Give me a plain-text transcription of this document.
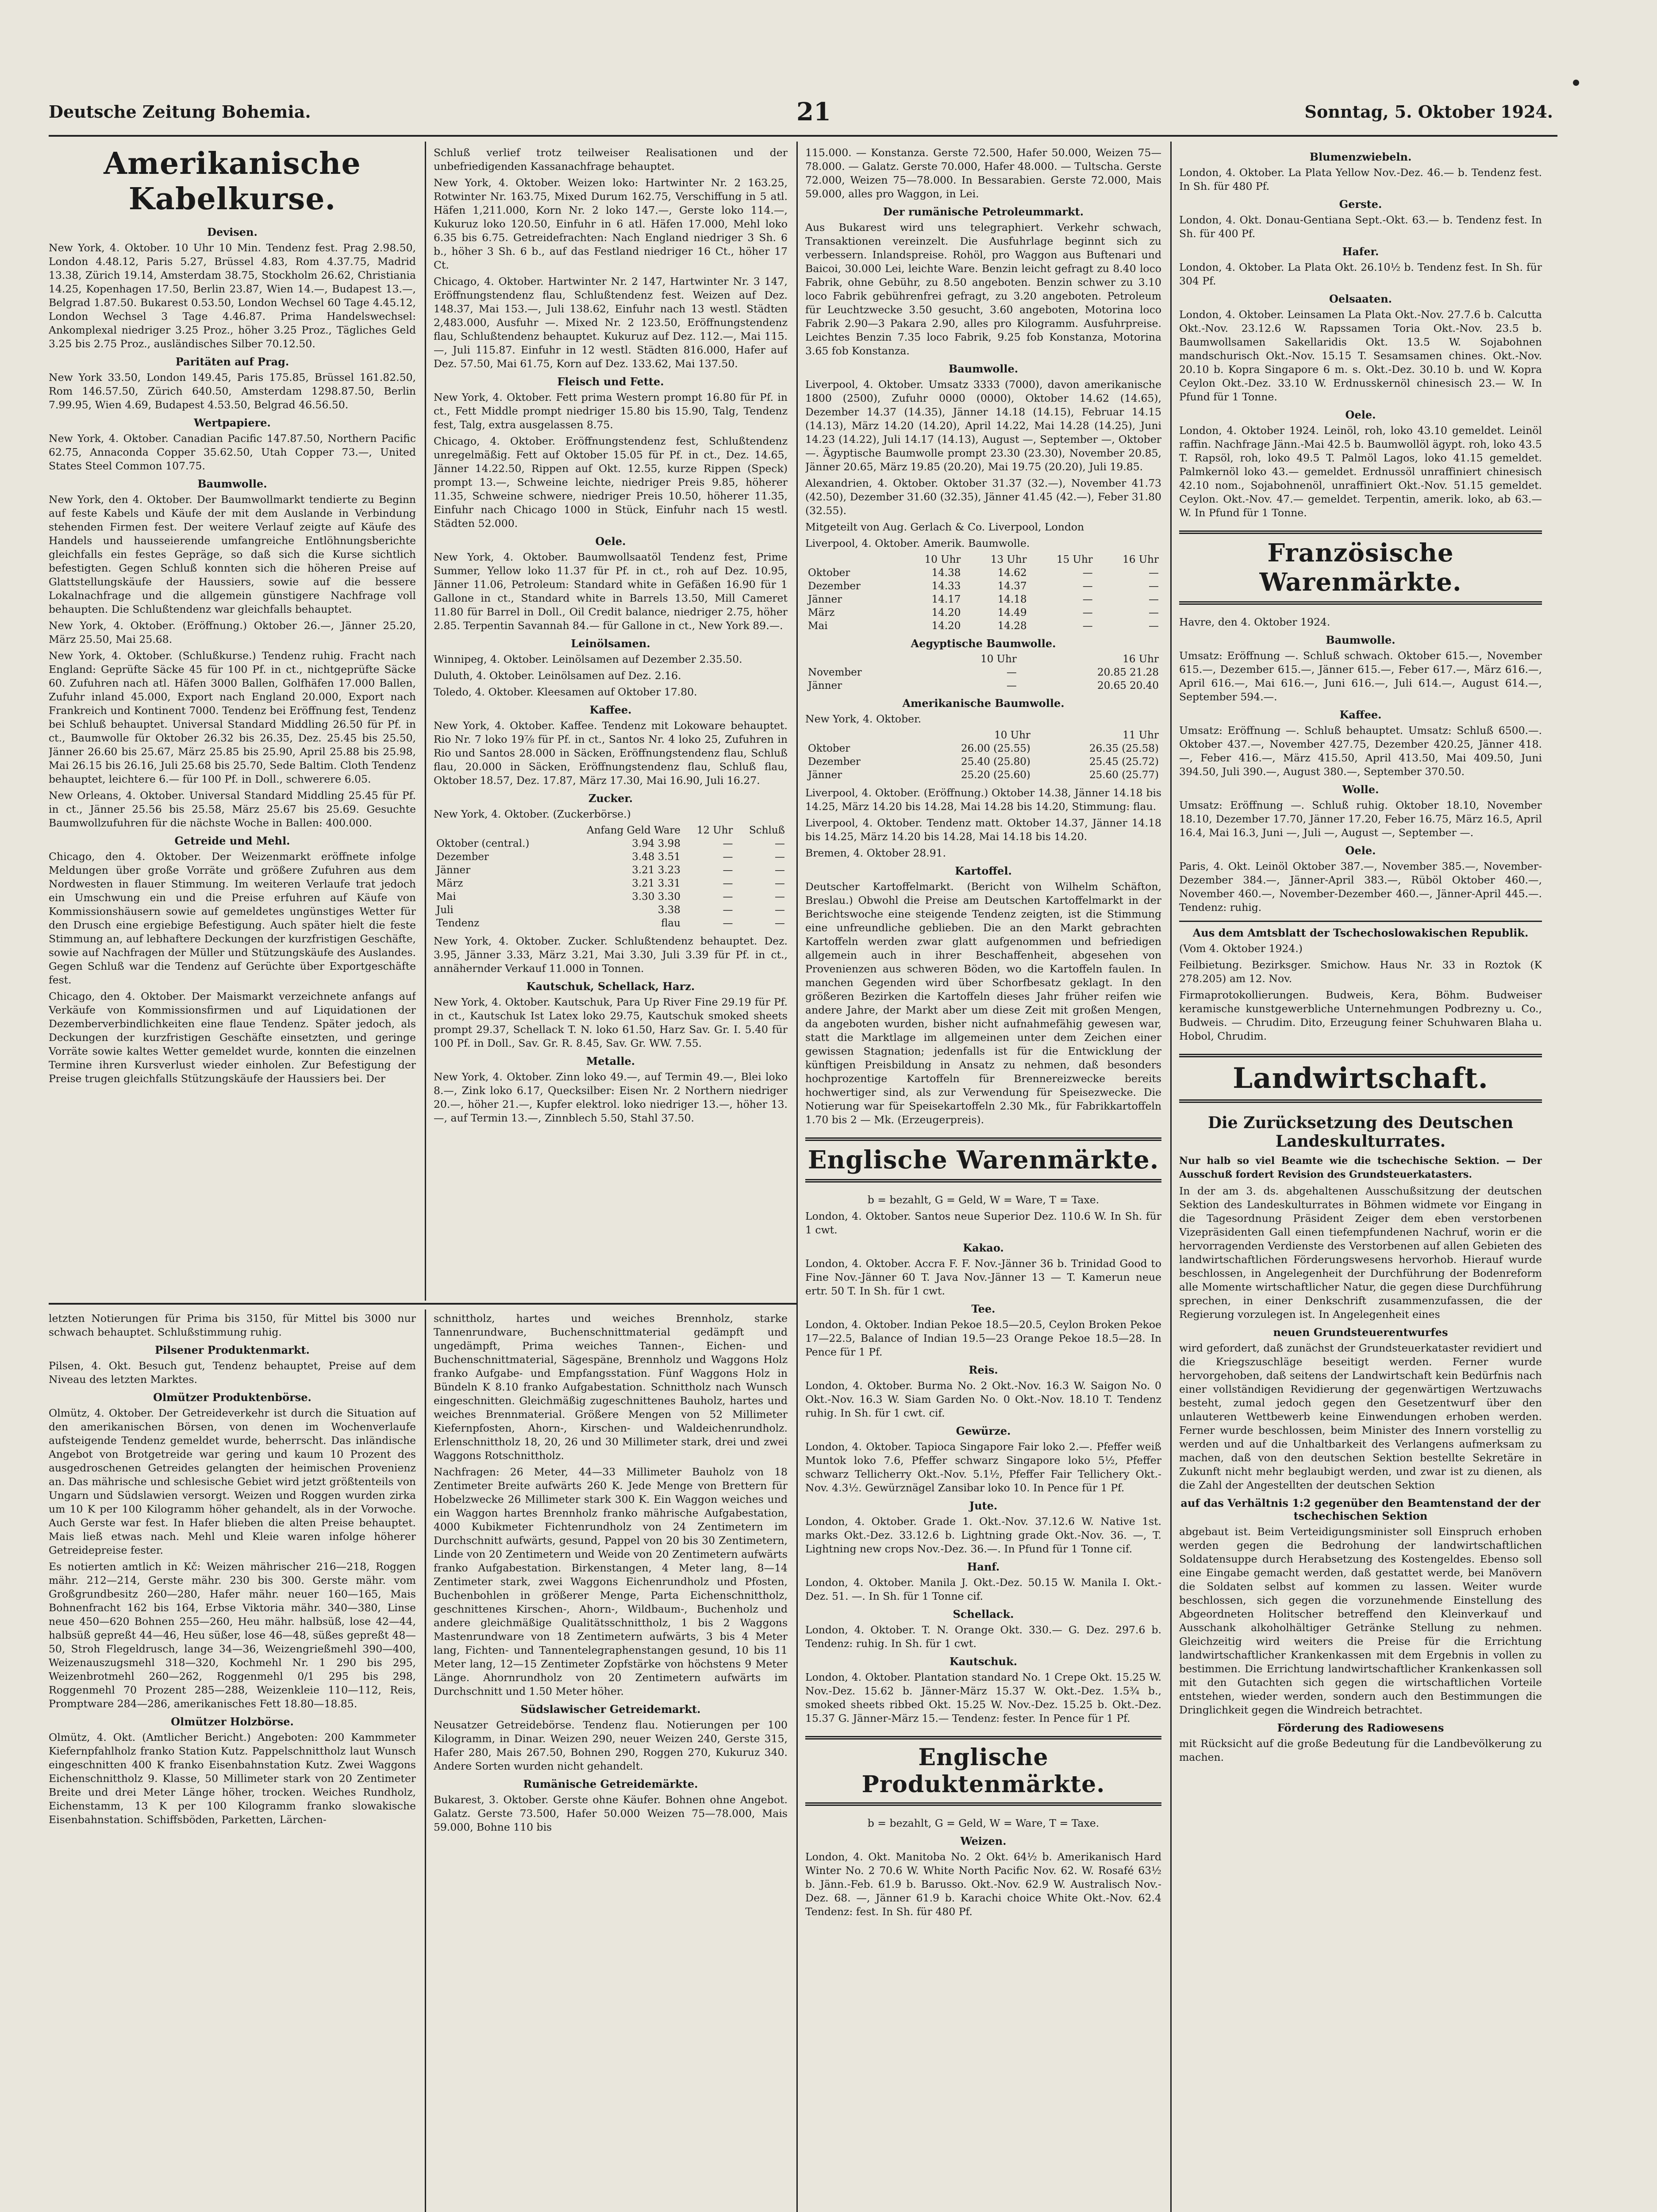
Deutsche Zeitung Bohemia.	21	Sonntag, 5. Oktober 1924.
Amerikanische Kabelkurse.
Devisen.

New York, 4. Oktober. 10 Uhr 10 Min. Tendenz fest. Prag 2.98.50, London 4.48.12, Paris 5.27, Brüssel 4.83, Rom 4.37.75, Madrid 13.38, Zürich 19.14, Amsterdam 38.75, Stockholm 26.62, Christiania 14.25, Kopenhagen 17.50, Berlin 23.87, Wien 14.—, Budapest 13.—, Belgrad 1.87.50. Bukarest 0.53.50, London Wechsel 60 Tage 4.45.12, London Wechsel 3 Tage 4.46.87. Prima Handelswechsel: Ankomplexal niedriger 3.25 Proz., höher 3.25 Proz., Tägliches Geld 3.25 bis 2.75 Proz., ausländisches Silber 70.12.50.

Paritäten auf Prag.

New York 33.50, London 149.45, Paris 175.85, Brüssel 161.82.50, Rom 146.57.50, Zürich 640.50, Amsterdam 1298.87.50, Berlin 7.99.95, Wien 4.69, Budapest 4.53.50, Belgrad 46.56.50.

Wertpapiere.

New York, 4. Oktober. Canadian Pacific 147.87.50, Northern Pacific 62.75, Annaconda Copper 35.62.50, Utah Copper 73.—, United States Steel Common 107.75.

Baumwolle.

New York, den 4. Oktober. Der Baumwollmarkt tendierte zu Beginn auf feste Kabels und Käufe der mit dem Auslande in Verbindung stehenden Firmen fest. Der weitere Verlauf zeigte auf Käufe des Handels und hausseierende umfangreiche Entlöhnungsberichte gleichfalls ein festes Gepräge, so daß sich die Kurse sichtlich befestigten. Gegen Schluß konnten sich die höheren Preise auf Glattstellungskäufe der Haussiers, sowie auf die bessere Lokalnachfrage und die allgemein günstigere Nachfrage voll behaupten. Die Schlußtendenz war gleichfalls behauptet.

New York, 4. Oktober. (Eröffnung.) Oktober 26.—, Jänner 25.20, März 25.50, Mai 25.68.

New York, 4. Oktober. (Schlußkurse.) Tendenz ruhig. Fracht nach England: Geprüfte Säcke 45 für 100 Pf. in ct., nichtgeprüfte Säcke 60. Zufuhren nach atl. Häfen 3000 Ballen, Golfhäfen 17.000 Ballen, Zufuhr inland 45.000, Export nach England 20.000, Export nach Frankreich und Kontinent 7000. Tendenz bei Eröffnung fest, Tendenz bei Schluß behauptet. Universal Standard Middling 26.50 für Pf. in ct., Baumwolle für Oktober 26.32 bis 26.35, Dez. 25.45 bis 25.50, Jänner 26.60 bis 25.67, März 25.85 bis 25.90, April 25.88 bis 25.98, Mai 26.15 bis 26.16, Juli 25.68 bis 25.70, Sede Baltim. Cloth Tendenz behauptet, leichtere 6.— für 100 Pf. in Doll., schwerere 6.05.

New Orleans, 4. Oktober. Universal Standard Middling 25.45 für Pf. in ct., Jänner 25.56 bis 25.58, März 25.67 bis 25.69. Gesuchte Baumwollzufuhren für die nächste Woche in Ballen: 400.000.

Getreide und Mehl.

Chicago, den 4. Oktober. Der Weizenmarkt eröffnete infolge Meldungen über große Vorräte und größere Zufuhren aus dem Nordwesten in flauer Stimmung. Im weiteren Verlaufe trat jedoch ein Umschwung ein und die Preise erfuhren auf Käufe von Kommissionshäusern sowie auf gemeldetes ungünstiges Wetter für den Drusch eine ergiebige Befestigung. Auch später hielt die feste Stimmung an, auf lebhaftere Deckungen der kurzfristigen Geschäfte, sowie auf Nachfragen der Müller und Stützungskäufe des Auslandes. Gegen Schluß war die Tendenz auf Gerüchte über Exportgeschäfte fest.

Chicago, den 4. Oktober. Der Maismarkt verzeichnete anfangs auf Verkäufe von Kommissionsfirmen und auf Liquidationen der Dezemberverbindlichkeiten eine flaue Tendenz. Später jedoch, als Deckungen der kurzfristigen Geschäfte einsetzten, und geringe Vorräte sowie kaltes Wetter gemeldet wurde, konnten die einzelnen Termine ihren Kursverlust wieder einholen. Zur Befestigung der Preise trugen gleichfalls Stützungskäufe der Haussiers bei. Der

Schluß verlief trotz teilweiser Realisationen und der unbefriedigenden Kassanachfrage behauptet.

New York, 4. Oktober. Weizen loko: Hartwinter Nr. 2 163.25, Rotwinter Nr. 163.75, Mixed Durum 162.75, Verschiffung in 5 atl. Häfen 1,211.000, Korn Nr. 2 loko 147.—, Gerste loko 114.—, Kukuruz loko 120.50, Einfuhr in 6 atl. Häfen 17.000, Mehl loko 6.35 bis 6.75. Getreidefrachten: Nach England niedriger 3 Sh. 6 b., höher 3 Sh. 6 b., auf das Festland niedriger 16 Ct., höher 17 Ct.

Chicago, 4. Oktober. Hartwinter Nr. 2 147, Hartwinter Nr. 3 147, Eröffnungstendenz flau, Schlußtendenz fest. Weizen auf Dez. 148.37, Mai 153.—, Juli 138.62, Einfuhr nach 13 westl. Städten 2,483.000, Ausfuhr —. Mixed Nr. 2 123.50, Eröffnungstendenz flau, Schlußtendenz behauptet. Kukuruz auf Dez. 112.—, Mai 115.—, Juli 115.87. Einfuhr in 12 westl. Städten 816.000, Hafer auf Dez. 57.50, Mai 61.75, Korn auf Dez. 133.62, Mai 137.50.

Fleisch und Fette.

New York, 4. Oktober. Fett prima Western prompt 16.80 für Pf. in ct., Fett Middle prompt niedriger 15.80 bis 15.90, Talg, Tendenz fest, Talg, extra ausgelassen 8.75.

Chicago, 4. Oktober. Eröffnungstendenz fest, Schlußtendenz unregelmäßig. Fett auf Oktober 15.05 für Pf. in ct., Dez. 14.65, Jänner 14.22.50, Rippen auf Okt. 12.55, kurze Rippen (Speck) prompt 13.—, Schweine leichte, niedriger Preis 9.85, höherer 11.35, Schweine schwere, niedriger Preis 10.50, höherer 11.35, Einfuhr nach Chicago 1000 in Stück, Einfuhr nach 15 westl. Städten 52.000.

Oele.

New York, 4. Oktober. Baumwollsaatöl Tendenz fest, Prime Summer, Yellow loko 11.37 für Pf. in ct., roh auf Dez. 10.95, Jänner 11.06, Petroleum: Standard white in Gefäßen 16.90 für 1 Gallone in ct., Standard white in Barrels 13.50, Mill Cameret 11.80 für Barrel in Doll., Oil Credit balance, niedriger 2.75, höher 2.85. Terpentin Savannah 84.— für Gallone in ct., New York 89.—.

Leinölsamen.

Winnipeg, 4. Oktober. Leinölsamen auf Dezember 2.35.50.

Duluth, 4. Oktober. Leinölsamen auf Dez. 2.16.

Toledo, 4. Oktober. Kleesamen auf Oktober 17.80.

Kaffee.

New York, 4. Oktober. Kaffee. Tendenz mit Lokoware behauptet. Rio Nr. 7 loko 19⅞ für Pf. in ct., Santos Nr. 4 loko 25, Zufuhren in Rio und Santos 28.000 in Säcken, Eröffnungstendenz flau, Schluß flau, 20.000 in Säcken, Eröffnungstendenz flau, Schluß flau, Oktober 18.57, Dez. 17.87, März 17.30, Mai 16.90, Juli 16.27.

Zucker.

New York, 4. Oktober. (Zuckerbörse.)

	Anfang Geld Ware	12 Uhr	Schluß
Oktober (central.)	3.94 3.98	—	—
Dezember	3.48 3.51	—	—
Jänner	3.21 3.23	—	—
März	3.21 3.31	—	—
Mai	3.30 3.30	—	—
Juli	3.38	—	—
Tendenz	flau	—	—

New York, 4. Oktober. Zucker. Schlußtendenz behauptet. Dez. 3.95, Jänner 3.33, März 3.21, Mai 3.30, Juli 3.39 für Pf. in ct., annähernder Verkauf 11.000 in Tonnen.

Kautschuk, Schellack, Harz.

New York, 4. Oktober. Kautschuk, Para Up River Fine 29.19 für Pf. in ct., Kautschuk Ist Latex loko 29.75, Kautschuk smoked sheets prompt 29.37, Schellack T. N. loko 61.50, Harz Sav. Gr. I. 5.40 für 100 Pf. in Doll., Sav. Gr. R. 8.45, Sav. Gr. WW. 7.55.

Metalle.

New York, 4. Oktober. Zinn loko 49.—, auf Termin 49.—, Blei loko 8.—, Zink loko 6.17, Quecksilber: Eisen Nr. 2 Northern niedriger 20.—, höher 21.—, Kupfer elektrol. loko niedriger 13.—, höher 13.—, auf Termin 13.—, Zinnblech 5.50, Stahl 37.50.

letzten Notierungen für Prima bis 3150, für Mittel bis 3000 nur schwach behauptet. Schlußstimmung ruhig.

Pilsener Produktenmarkt.

Pilsen, 4. Okt. Besuch gut, Tendenz behauptet, Preise auf dem Niveau des letzten Marktes.

Olmützer Produktenbörse.

Olmütz, 4. Oktober. Der Getreideverkehr ist durch die Situation auf den amerikanischen Börsen, von denen im Wochenverlaufe aufsteigende Tendenz gemeldet wurde, beherrscht. Das inländische Angebot von Brotgetreide war gering und kaum 10 Prozent des ausgedroschenen Getreides gelangten der heimischen Provenienz an. Das mährische und schlesische Gebiet wird jetzt größtenteils von Ungarn und Südslawien versorgt. Weizen und Roggen wurden zirka um 10 K per 100 Kilogramm höher gehandelt, als in der Vorwoche. Auch Gerste war fest. In Hafer blieben die alten Preise behauptet. Mais ließ etwas nach. Mehl und Kleie waren infolge höherer Getreidepreise fester.

Es notierten amtlich in Kč: Weizen mährischer 216—218, Roggen mähr. 212—214, Gerste mähr. 230 bis 300. Gerste mähr. vom Großgrundbesitz 260—280, Hafer mähr. neuer 160—165, Mais Bohnenfracht 162 bis 164, Erbse Viktoria mähr. 340—380, Linse neue 450—620 Bohnen 255—260, Heu mähr. halbsüß, lose 42—44, halbsüß gepreßt 44—46, Heu süßer, lose 46—48, süßes gepreßt 48—50, Stroh Flegeldrusch, lange 34—36, Weizengrießmehl 390—400, Weizenauszugsmehl 318—320, Kochmehl Nr. 1 290 bis 295, Weizenbrotmehl 260—262, Roggenmehl 0/1 295 bis 298, Roggenmehl 70 Prozent 285—288, Weizenkleie 110—112, Reis, Promptware 284—286, amerikanisches Fett 18.80—18.85.

Olmützer Holzbörse.

Olmütz, 4. Okt. (Amtlicher Bericht.) Angeboten: 200 Kammmeter Kiefernpfahlholz franko Station Kutz. Pappelschnittholz laut Wunsch eingeschnitten 400 K franko Eisenbahnstation Kutz. Zwei Waggons Eichenschnittholz 9. Klasse, 50 Millimeter stark von 20 Zentimeter Breite und drei Meter Länge höher, trocken. Weiches Rundholz, Eichenstamm, 13 K per 100 Kilogramm franko slowakische Eisenbahnstation. Schiffsböden, Parketten, Lärchen-

schnittholz, hartes und weiches Brennholz, starke Tannenrundware, Buchenschnittmaterial gedämpft und ungedämpft, Prima weiches Tannen-, Eichen- und Buchenschnittmaterial, Sägespäne, Brennholz und Waggons Holz franko Aufgabe- und Empfangsstation. Fünf Waggons Holz in Bündeln K 8.10 franko Aufgabestation. Schnittholz nach Wunsch eingeschnitten. Gleichmäßig zugeschnittenes Bauholz, hartes und weiches Brennmaterial. Größere Mengen von 52 Millimeter Kiefernpfosten, Ahorn-, Kirschen- und Waldeichenrundholz. Erlenschnittholz 18, 20, 26 und 30 Millimeter stark, drei und zwei Waggons Rotschnittholz.

Nachfragen: 26 Meter, 44—33 Millimeter Bauholz von 18 Zentimeter Breite aufwärts 260 K. Jede Menge von Brettern für Hobelzwecke 26 Millimeter stark 300 K. Ein Waggon weiches und ein Waggon hartes Brennholz franko mährische Aufgabestation, 4000 Kubikmeter Fichtenrundholz von 24 Zentimetern im Durchschnitt aufwärts, gesund, Pappel von 20 bis 30 Zentimetern, Linde von 20 Zentimetern und Weide von 20 Zentimetern aufwärts franko Aufgabestation. Birkenstangen, 4 Meter lang, 8—14 Zentimeter stark, zwei Waggons Eichenrundholz und Pfosten, Buchenbohlen in größerer Menge, Parta Eichenschnittholz, geschnittenes Kirschen-, Ahorn-, Wildbaum-, Buchenholz und andere gleichmäßige Qualitätsschnittholz, 1 bis 2 Waggons Mastenrundware von 18 Zentimetern aufwärts, 3 bis 4 Meter lang, Fichten- und Tannentelegraphenstangen gesund, 10 bis 11 Meter lang, 12—15 Zentimeter Zopfstärke von höchstens 9 Meter Länge. Ahornrundholz von 20 Zentimetern aufwärts im Durchschnitt und 1.50 Meter höher.

Südslawischer Getreidemarkt.

Neusatzer Getreidebörse. Tendenz flau. Notierungen per 100 Kilogramm, in Dinar. Weizen 290, neuer Weizen 240, Gerste 315, Hafer 280, Mais 267.50, Bohnen 290, Roggen 270, Kukuruz 340. Andere Sorten wurden nicht gehandelt.

Rumänische Getreidemärkte.

Bukarest, 3. Oktober. Gerste ohne Käufer. Bohnen ohne Angebot. Galatz. Gerste 73.500, Hafer 50.000 Weizen 75—78.000, Mais 59.000, Bohne 110 bis

115.000. — Konstanza. Gerste 72.500, Hafer 50.000, Weizen 75—78.000. — Galatz. Gerste 70.000, Hafer 48.000. — Tultscha. Gerste 72.000, Weizen 75—78.000. In Bessarabien. Gerste 72.000, Mais 59.000, alles pro Waggon, in Lei.

Der rumänische Petroleummarkt.

Aus Bukarest wird uns telegraphiert. Verkehr schwach, Transaktionen vereinzelt. Die Ausfuhrlage beginnt sich zu verbessern. Inlandspreise. Rohöl, pro Waggon aus Buftenari und Baicoi, 30.000 Lei, leichte Ware. Benzin leicht gefragt zu 8.40 loco Fabrik, ohne Gebühr, zu 8.50 angeboten. Benzin schwer zu 3.10 loco Fabrik gebührenfrei gefragt, zu 3.20 angeboten. Petroleum für Leuchtzwecke 3.50 gesucht, 3.60 angeboten, Motorina loco Fabrik 2.90—3 Pakara 2.90, alles pro Kilogramm. Ausfuhrpreise. Leichtes Benzin 7.35 loco Fabrik, 9.25 fob Konstanza, Motorina 3.65 fob Konstanza.

Baumwolle.

Liverpool, 4. Oktober. Umsatz 3333 (7000), davon amerikanische 1800 (2500), Zufuhr 0000 (0000), Oktober 14.62 (14.65), Dezember 14.37 (14.35), Jänner 14.18 (14.15), Februar 14.15 (14.13), März 14.20 (14.20), April 14.22, Mai 14.28 (14.25), Juni 14.23 (14.22), Juli 14.17 (14.13), August —, September —, Oktober —. Ägyptische Baumwolle prompt 23.30 (23.30), November 20.85, Jänner 20.65, März 19.85 (20.20), Mai 19.75 (20.20), Juli 19.85.

Alexandrien, 4. Oktober. Oktober 31.37 (32.—), November 41.73 (42.50), Dezember 31.60 (32.35), Jänner 41.45 (42.—), Feber 31.80 (32.55).

Mitgeteilt von Aug. Gerlach & Co. Liverpool, London

Liverpool, 4. Oktober. Amerik. Baumwolle.

	10 Uhr	13 Uhr	15 Uhr	16 Uhr
Oktober	14.38	14.62	—	—
Dezember	14.33	14.37	—	—
Jänner	14.17	14.18	—	—
März	14.20	14.49	—	—
Mai	14.20	14.28	—	—
Aegyptische Baumwolle.
	10 Uhr	16 Uhr
November	—	20.85 21.28
Jänner	—	20.65 20.40
Amerikanische Baumwolle.

New York, 4. Oktober.

	10 Uhr	11 Uhr
Oktober	26.00 (25.55)	26.35 (25.58)
Dezember	25.40 (25.80)	25.45 (25.72)
Jänner	25.20 (25.60)	25.60 (25.77)

Liverpool, 4. Oktober. (Eröffnung.) Oktober 14.38, Jänner 14.18 bis 14.25, März 14.20 bis 14.28, Mai 14.28 bis 14.20, Stimmung: flau.

Liverpool, 4. Oktober. Tendenz matt. Oktober 14.37, Jänner 14.18 bis 14.25, März 14.20 bis 14.28, Mai 14.18 bis 14.20.

Bremen, 4. Oktober 28.91.

Kartoffel.

Deutscher Kartoffelmarkt. (Bericht von Wilhelm Schäfton, Breslau.) Obwohl die Preise am Deutschen Kartoffelmarkt in der Berichtswoche eine steigende Tendenz zeigten, ist die Stimmung eine unfreundliche geblieben. Die an den Markt gebrachten Kartoffeln werden zwar glatt aufgenommen und befriedigen allgemein auch in ihrer Beschaffenheit, abgesehen von Provenienzen aus schweren Böden, wo die Kartoffeln faulen. In manchen Gegenden wird über Schorfbesatz geklagt. In den größeren Bezirken die Kartoffeln dieses Jahr früher reifen wie andere Jahre, der Markt aber um diese Zeit mit großen Mengen, da angeboten wurden, bisher nicht aufnahmefähig gewesen war, statt die Marktlage im allgemeinen unter dem Zeichen einer gewissen Stagnation; jedenfalls ist für die Entwicklung der künftigen Preisbildung in Ansatz zu nehmen, daß besonders hochprozentige Kartoffeln für Brennereizwecke bereits hochwertiger sind, als zur Verwendung für Speisezwecke. Die Notierung war für Speisekartoffeln 2.30 Mk., für Fabrikkartoffeln 1.70 bis 2 — Mk. (Erzeugerpreis).

Englische Warenmärkte.

b = bezahlt, G = Geld, W = Ware, T = Taxe.

London, 4. Oktober. Santos neue Superior Dez. 110.6 W. In Sh. für 1 cwt.

Kakao.

London, 4. Oktober. Accra F. F. Nov.-Jänner 36 b. Trinidad Good to Fine Nov.-Jänner 60 T. Java Nov.-Jänner 13 — T. Kamerun neue ertr. 50 T. In Sh. für 1 cwt.

Tee.

London, 4. Oktober. Indian Pekoe 18.5—20.5, Ceylon Broken Pekoe 17—22.5, Balance of Indian 19.5—23 Orange Pekoe 18.5—28. In Pence für 1 Pf.

Reis.

London, 4. Oktober. Burma No. 2 Okt.-Nov. 16.3 W. Saigon No. 0 Okt.-Nov. 16.3 W. Siam Garden No. 0 Okt.-Nov. 18.10 T. Tendenz ruhig. In Sh. für 1 cwt. cif.

Gewürze.

London, 4. Oktober. Tapioca Singapore Fair loko 2.—. Pfeffer weiß Muntok loko 7.6, Pfeffer schwarz Singapore loko 5½, Pfeffer schwarz Tellicherry Okt.-Nov. 5.1½, Pfeffer Fair Tellichery Okt.-Nov. 4.3½. Gewürznägel Zansibar loko 10. In Pence für 1 Pf.

Jute.

London, 4. Oktober. Grade 1. Okt.-Nov. 37.12.6 W. Native 1st. marks Okt.-Dez. 33.12.6 b. Lightning grade Okt.-Nov. 36. —, T. Lightning new crops Nov.-Dez. 36.—. In Pfund für 1 Tonne cif.

Hanf.

London, 4. Oktober. Manila J. Okt.-Dez. 50.15 W. Manila I. Okt.-Dez. 51. —. In Sh. für 1 Tonne cif.

Schellack.

London, 4. Oktober. T. N. Orange Okt. 330.— G. Dez. 297.6 b. Tendenz: ruhig. In Sh. für 1 cwt.

Kautschuk.

London, 4. Oktober. Plantation standard No. 1 Crepe Okt. 15.25 W. Nov.-Dez. 15.62 b. Jänner-März 15.37 W. Okt.-Dez. 1.5¾ b., smoked sheets ribbed Okt. 15.25 W. Nov.-Dez. 15.25 b. Okt.-Dez. 15.37 G. Jänner-März 15.— Tendenz: fester. In Pence für 1 Pf.

Englische Produktenmärkte.

b = bezahlt, G = Geld, W = Ware, T = Taxe.

Weizen.

London, 4. Okt. Manitoba No. 2 Okt. 64½ b. Amerikanisch Hard Winter No. 2 70.6 W. White North Pacific Nov. 62. W. Rosafé 63½ b. Jänn.-Feb. 61.9 b. Barusso. Okt.-Nov. 62.9 W. Australisch Nov.-Dez. 68. —, Jänner 61.9 b. Karachi choice White Okt.-Nov. 62.4 Tendenz: fest. In Sh. für 480 Pf.

Blumenzwiebeln.

London, 4. Oktober. La Plata Yellow Nov.-Dez. 46.— b. Tendenz fest. In Sh. für 480 Pf.

Gerste.

London, 4. Okt. Donau-Gentiana Sept.-Okt. 63.— b. Tendenz fest. In Sh. für 400 Pf.

Hafer.

London, 4. Oktober. La Plata Okt. 26.10½ b. Tendenz fest. In Sh. für 304 Pf.

Oelsaaten.

London, 4. Oktober. Leinsamen La Plata Okt.-Nov. 27.7.6 b. Calcutta Okt.-Nov. 23.12.6 W. Rapssamen Toria Okt.-Nov. 23.5 b. Baumwollsamen Sakellaridis Okt. 13.5 W. Sojabohnen mandschurisch Okt.-Nov. 15.15 T. Sesamsamen chines. Okt.-Nov. 20.10 b. Kopra Singapore 6 m. s. Okt.-Dez. 30.10 b. und W. Kopra Ceylon Okt.-Dez. 33.10 W. Erdnusskernöl chinesisch 23.— W. In Pfund für 1 Tonne.

Oele.

London, 4. Oktober 1924. Leinöl, roh, loko 43.10 gemeldet. Leinöl raffin. Nachfrage Jänn.-Mai 42.5 b. Baumwollöl ägypt. roh, loko 43.5 T. Rapsöl, roh, loko 49.5 T. Palmöl Lagos, loko 41.15 gemeldet. Palmkernöl loko 43.— gemeldet. Erdnussöl unraffiniert chinesisch 42.10 nom., Sojabohnenöl, unraffiniert Okt.-Nov. 51.15 gemeldet. Ceylon. Okt.-Nov. 47.— gemeldet. Terpentin, amerik. loko, ab 63.— W. In Pfund für 1 Tonne.

Französische Warenmärkte.

Havre, den 4. Oktober 1924.

Baumwolle.

Umsatz: Eröffnung —. Schluß schwach. Oktober 615.—, November 615.—, Dezember 615.—, Jänner 615.—, Feber 617.—, März 616.—, April 616.—, Mai 616.—, Juni 616.—, Juli 614.—, August 614.—, September 594.—.

Kaffee.

Umsatz: Eröffnung —. Schluß behauptet. Umsatz: Schluß 6500.—. Oktober 437.—, November 427.75, Dezember 420.25, Jänner 418.—, Feber 416.—, März 415.50, April 413.50, Mai 409.50, Juni 394.50, Juli 390.—, August 380.—, September 370.50.

Wolle.

Umsatz: Eröffnung —. Schluß ruhig. Oktober 18.10, November 18.10, Dezember 17.70, Jänner 17.20, Feber 16.75, März 16.5, April 16.4, Mai 16.3, Juni —, Juli —, August —, September —.

Oele.

Paris, 4. Okt. Leinöl Oktober 387.—, November 385.—, November-Dezember 384.—, Jänner-April 383.—, Rüböl Oktober 460.—, November 460.—, November-Dezember 460.—, Jänner-April 445.—. Tendenz: ruhig.

Aus dem Amtsblatt der Tschechoslowakischen Republik.

(Vom 4. Oktober 1924.)

Feilbietung. Bezirksger. Smichow. Haus Nr. 33 in Roztok (K 278.205) am 12. Nov.

Firmaprotokollierungen. Budweis, Kera, Böhm. Budweiser keramische kunstgewerbliche Unternehmungen Podbrezny u. Co., Budweis. — Chrudim. Dito, Erzeugung feiner Schuhwaren Blaha u. Hobol, Chrudim.

Landwirtschaft.
Die Zurücksetzung des Deutschen Landeskulturrates.

Nur halb so viel Beamte wie die tschechische Sektion. — Der Ausschuß fordert Revision des Grundsteuerkatasters.

In der am 3. ds. abgehaltenen Ausschußsitzung der deutschen Sektion des Landeskulturrates in Böhmen widmete vor Eingang in die Tagesordnung Präsident Zeiger dem eben verstorbenen Vizepräsidenten Gall einen tiefempfundenen Nachruf, worin er die hervorragenden Verdienste des Verstorbenen auf allen Gebieten des landwirtschaftlichen Förderungswesens hervorhob. Hierauf wurde beschlossen, in Angelegenheit der Durchführung der Bodenreform alle Momente wirtschaftlicher Natur, die gegen diese Durchführung sprechen, in einer Denkschrift zusammenzufassen, die der Regierung vorzulegen ist. In Angelegenheit eines

neuen Grundsteuerentwurfes

wird gefordert, daß zunächst der Grundsteuerkataster revidiert und die Kriegszuschläge beseitigt werden. Ferner wurde hervorgehoben, daß seitens der Landwirtschaft kein Bedürfnis nach einer vollständigen Revidierung der gegenwärtigen Wertzuwachs besteht, zumal jedoch gegen den Gesetzentwurf über den unlauteren Wettbewerb keine Einwendungen erhoben werden. Ferner wurde beschlossen, beim Minister des Innern vorstellig zu werden und auf die Unhaltbarkeit des Verlangens aufmerksam zu machen, daß von den deutschen Sektion bestellte Sekretäre in Zukunft nicht mehr beglaubigt werden, und zwar ist zu dienen, als die Zahl der Angestellten der deutschen Sektion

auf das Verhältnis 1:2 gegenüber den Beamtenstand der der tschechischen Sektion

abgebaut ist. Beim Verteidigungsminister soll Einspruch erhoben werden gegen die Bedrohung der landwirtschaftlichen Soldatensuppe durch Herabsetzung des Kostengeldes. Ebenso soll eine Eingabe gemacht werden, daß gestattet werde, bei Manövern die Soldaten selbst auf kommen zu lassen. Weiter wurde beschlossen, sich gegen die vorzunehmende Einstellung des Abgeordneten Holitscher betreffend den Kleinverkauf und Ausschank alkoholhältiger Getränke Stellung zu nehmen. Gleichzeitig wird weiters die Preise für die Errichtung landwirtschaftlicher Krankenkassen mit dem Ergebnis in vollen zu bestimmen. Die Errichtung landwirtschaftlicher Krankenkassen soll mit den Gutachten sich gegen die wirtschaftlichen Vorteile entstehen, wieder werden, sondern auch den Bestimmungen die Dringlichkeit gegen die Windreich betrachtet.

Förderung des Radiowesens

mit Rücksicht auf die große Bedeutung für die Landbevölkerung zu machen.
